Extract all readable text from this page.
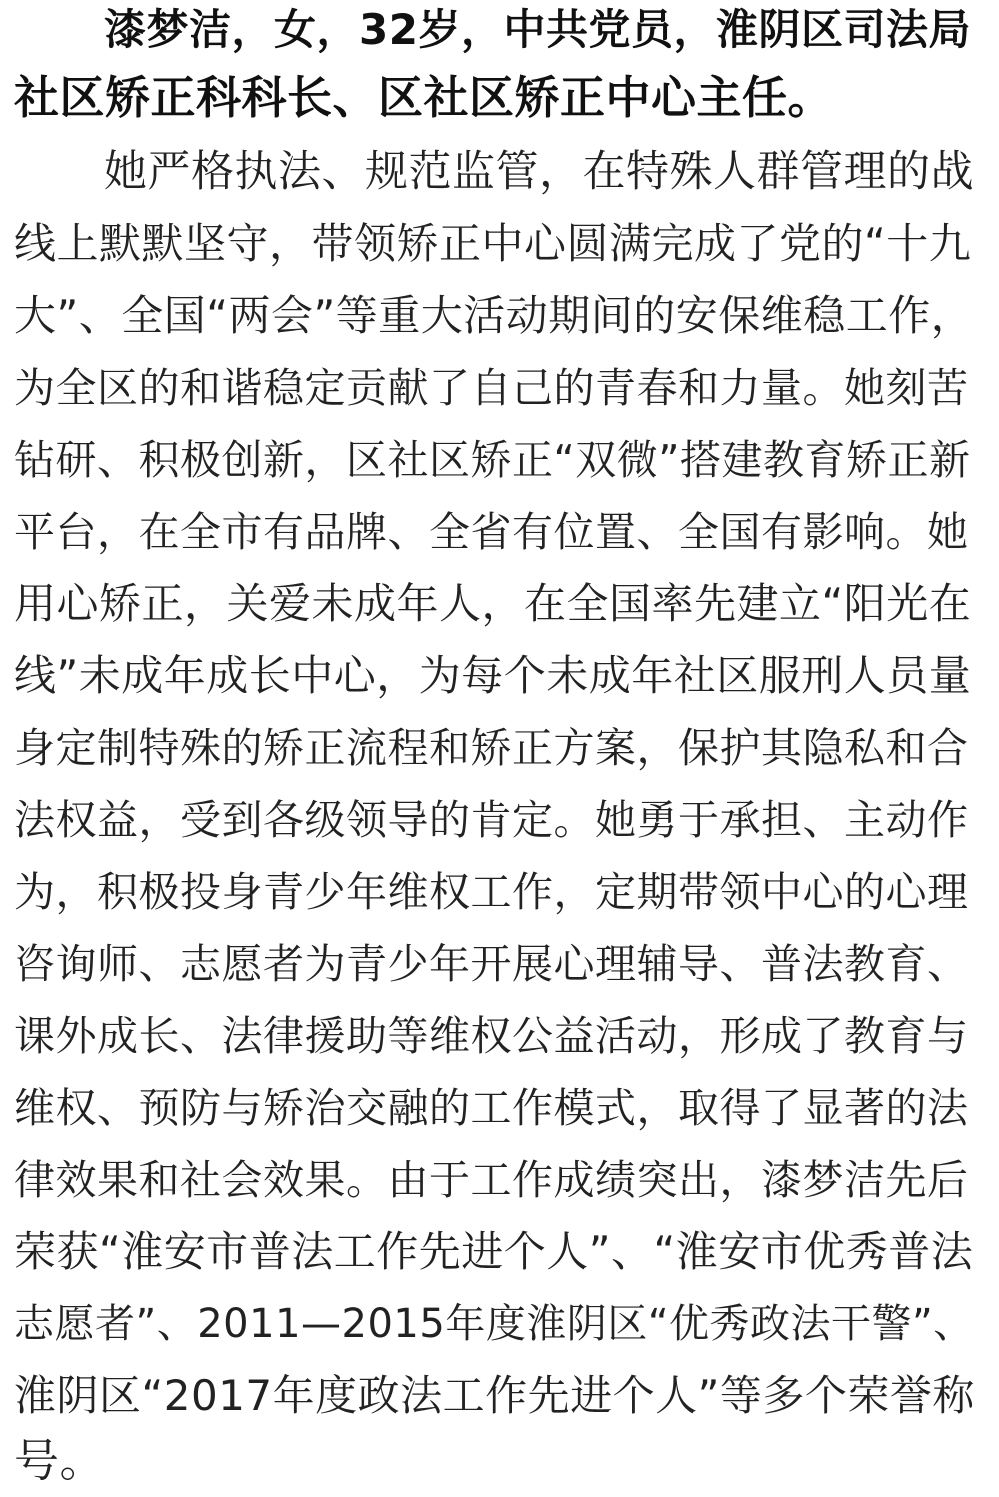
漆梦洁，女，32岁，中共党员，淮阴区司法局
社区矫正科科长、区社区矫正中心主任。
她严格执法、规范监管，在特殊人群管理的战
线上默默坚守，带领矫正中心圆满完成了党的“十九
大”、全国“两会”等重大活动期间的安保维稳工作，
为全区的和谐稳定贡献了自己的青春和力量。她刻苦
钻研、积极创新，区社区矫正“双微”搭建教育矫正新
平台，在全市有品牌、全省有位置、全国有影响。她
用心矫正，关爱未成年人，在全国率先建立“阳光在
线”未成年成长中心，为每个未成年社区服刑人员量
身定制特殊的矫正流程和矫正方案，保护其隐私和合
法权益，受到各级领导的肯定。她勇于承担、主动作
为，积极投身青少年维权工作，定期带领中心的心理
咨询师、志愿者为青少年开展心理辅导、普法教育、
课外成长、法律援助等维权公益活动，形成了教育与
维权、预防与矫治交融的工作模式，取得了显著的法
律效果和社会效果。由于工作成绩突出，漆梦洁先后
荣获“淮安市普法工作先进个人”、“淮安市优秀普法
志愿者”、2011—2015年度淮阴区“优秀政法干警”、
淮阴区“2017年度政法工作先进个人”等多个荣誉称
号。
